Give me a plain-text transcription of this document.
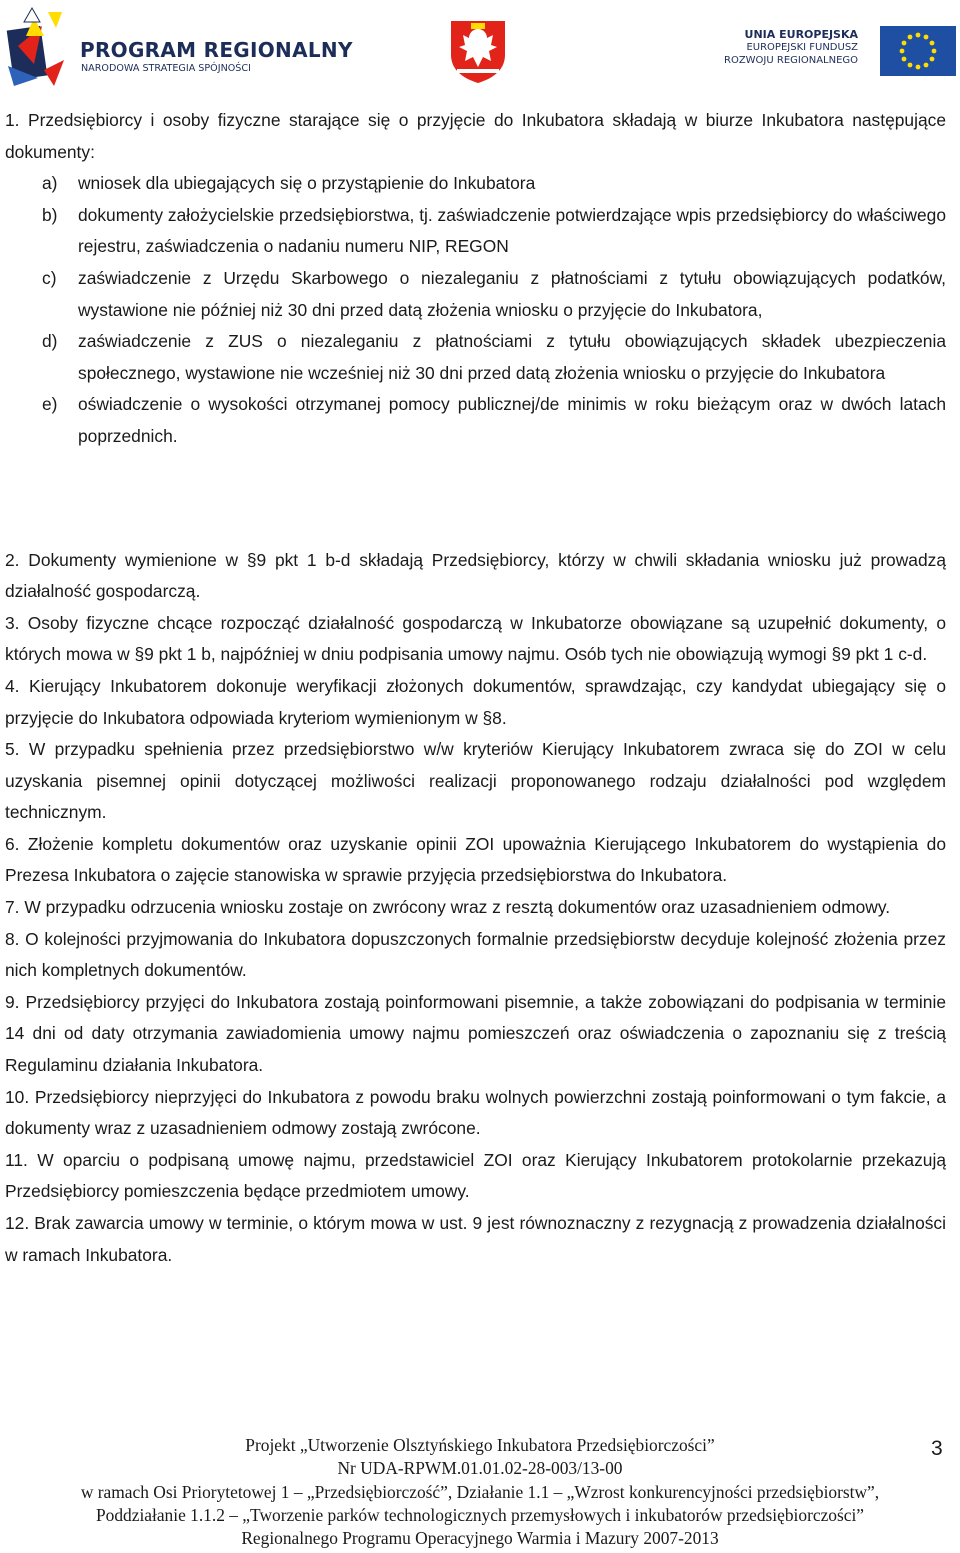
PROGRAM REGIONALNY
NARODOWA STRATEGIA SPÓJNOŚCI
UNIA EUROPEJSKA
EUROPEJSKI FUNDUSZ
ROZWOJU REGIONALNEGO

1. Przedsiębiorcy i osoby fizyczne starające się o przyjęcie do Inkubatora składają w biurze Inkubatora następujące dokumenty:

a) wniosek dla ubiegających się o przystąpienie do Inkubatora
b) dokumenty założycielskie przedsiębiorstwa, tj. zaświadczenie potwierdzające wpis przedsiębiorcy do właściwego rejestru, zaświadczenia o nadaniu numeru NIP, REGON
c) zaświadczenie z Urzędu Skarbowego o niezaleganiu z płatnościami z tytułu obowiązujących podatków, wystawione nie później niż 30 dni przed datą złożenia wniosku o przyjęcie do Inkubatora,
d) zaświadczenie z ZUS o niezaleganiu z płatnościami z tytułu obowiązujących składek ubezpieczenia społecznego, wystawione nie wcześniej niż 30 dni przed datą złożenia wniosku o przyjęcie do Inkubatora
e) oświadczenie o wysokości otrzymanej pomocy publicznej/de minimis w roku bieżącym oraz w dwóch latach poprzednich.

2. Dokumenty wymienione w §9 pkt 1 b-d składają Przedsiębiorcy, którzy w chwili składania wniosku już prowadzą działalność gospodarczą.

3. Osoby fizyczne chcące rozpocząć działalność gospodarczą w Inkubatorze obowiązane są uzupełnić dokumenty, o których mowa w §9 pkt 1 b, najpóźniej w dniu podpisania umowy najmu. Osób tych nie obowiązują wymogi §9 pkt 1 c-d.

4. Kierujący Inkubatorem dokonuje weryfikacji złożonych dokumentów, sprawdzając, czy kandydat ubiegający się o przyjęcie do Inkubatora odpowiada kryteriom wymienionym w §8.

5. W przypadku spełnienia przez przedsiębiorstwo w/w kryteriów Kierujący Inkubatorem zwraca się do ZOI w celu uzyskania pisemnej opinii dotyczącej możliwości realizacji proponowanego rodzaju działalności pod względem technicznym.

6. Złożenie kompletu dokumentów oraz uzyskanie opinii ZOI upoważnia Kierującego Inkubatorem do wystąpienia do Prezesa Inkubatora o zajęcie stanowiska w sprawie przyjęcia przedsiębiorstwa do Inkubatora.

7. W przypadku odrzucenia wniosku zostaje on zwrócony wraz z resztą dokumentów oraz uzasadnieniem odmowy.

8. O kolejności przyjmowania do Inkubatora dopuszczonych formalnie przedsiębiorstw decyduje kolejność złożenia przez nich kompletnych dokumentów.

9. Przedsiębiorcy przyjęci do Inkubatora zostają poinformowani pisemnie, a także zobowiązani do podpisania w terminie 14 dni od daty otrzymania zawiadomienia umowy najmu pomieszczeń oraz oświadczenia o zapoznaniu się z treścią Regulaminu działania Inkubatora.

10. Przedsiębiorcy nieprzyjęci do Inkubatora z powodu braku wolnych powierzchni zostają poinformowani o tym fakcie, a dokumenty wraz z uzasadnieniem odmowy zostają zwrócone.

11. W oparciu o podpisaną umowę najmu, przedstawiciel ZOI oraz Kierujący Inkubatorem protokolarnie przekazują Przedsiębiorcy pomieszczenia będące przedmiotem umowy.

12. Brak zawarcia umowy w terminie, o którym mowa w ust. 9 jest równoznaczny z rezygnacją z prowadzenia działalności w ramach Inkubatora.

Projekt „Utworzenie Olsztyńskiego Inkubatora Przedsiębiorczości”
Nr UDA-RPWM.01.01.02-28-003/13-00
w ramach Osi Priorytetowej 1 – „Przedsiębiorczość”, Działanie 1.1 – „Wzrost konkurencyjności przedsiębiorstw”,
Poddziałanie 1.1.2 – „Tworzenie parków technologicznych przemysłowych i inkubatorów przedsiębiorczości”
Regionalnego Programu Operacyjnego Warmia i Mazury 2007-2013
3
